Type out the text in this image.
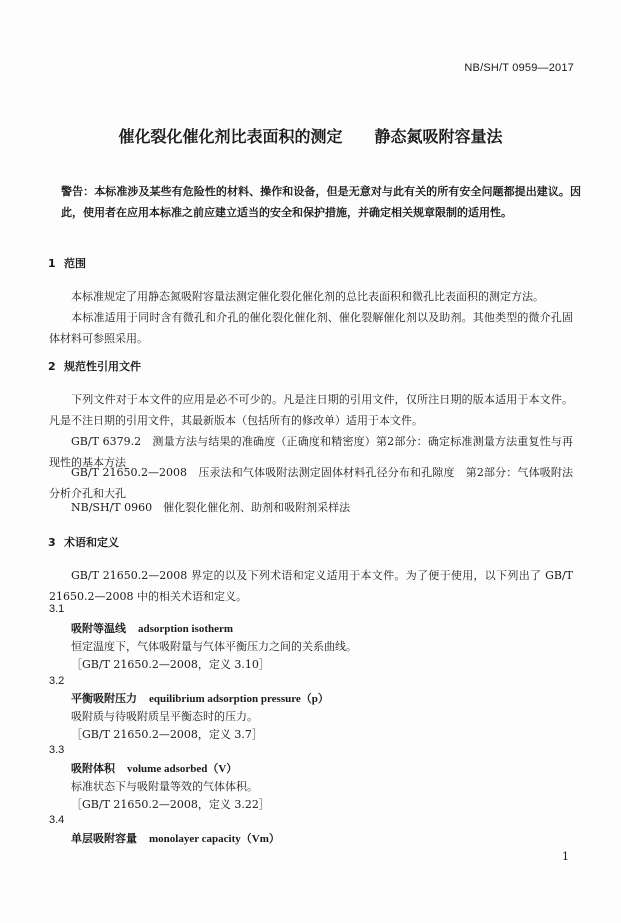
NB/SH/T 0959—2017
催化裂化催化剂比表面积的测定　　静态氮吸附容量法
警告：本标准涉及某些有危险性的材料、操作和设备，但是无意对与此有关的所有安全问题都提出建议。因此，使用者在应用本标准之前应建立适当的安全和保护措施，并确定相关规章限制的适用性。
1 范围
本标准规定了用静态氮吸附容量法测定催化裂化催化剂的总比表面积和微孔比表面积的测定方法。
本标准适用于同时含有微孔和介孔的催化裂化催化剂、催化裂解催化剂以及助剂。其他类型的微介孔固体材料可参照采用。
2 规范性引用文件
下列文件对于本文件的应用是必不可少的。凡是注日期的引用文件，仅所注日期的版本适用于本文件。凡是不注日期的引用文件，其最新版本（包括所有的修改单）适用于本文件。
GB/T 6379.2　测量方法与结果的准确度（正确度和精密度）第2部分：确定标准测量方法重复性与再现性的基本方法
GB/T 21650.2—2008　压汞法和气体吸附法测定固体材料孔径分布和孔隙度　第2部分：气体吸附法分析介孔和大孔
NB/SH/T 0960　催化裂化催化剂、助剂和吸附剂采样法
3 术语和定义
GB/T 21650.2—2008 界定的以及下列术语和定义适用于本文件。为了便于使用，以下列出了 GB/T 21650.2—2008 中的相关术语和定义。
3.1
吸附等温线 adsorption isotherm
恒定温度下，气体吸附量与气体平衡压力之间的关系曲线。
［GB/T 21650.2—2008，定义 3.10］
3.2
平衡吸附压力 equilibrium adsorption pressure（p）
吸附质与待吸附质呈平衡态时的压力。
［GB/T 21650.2—2008，定义 3.7］
3.3
吸附体积 volume adsorbed（V）
标准状态下与吸附量等效的气体体积。
［GB/T 21650.2—2008，定义 3.22］
3.4
单层吸附容量 monolayer capacity（Vm）
1
